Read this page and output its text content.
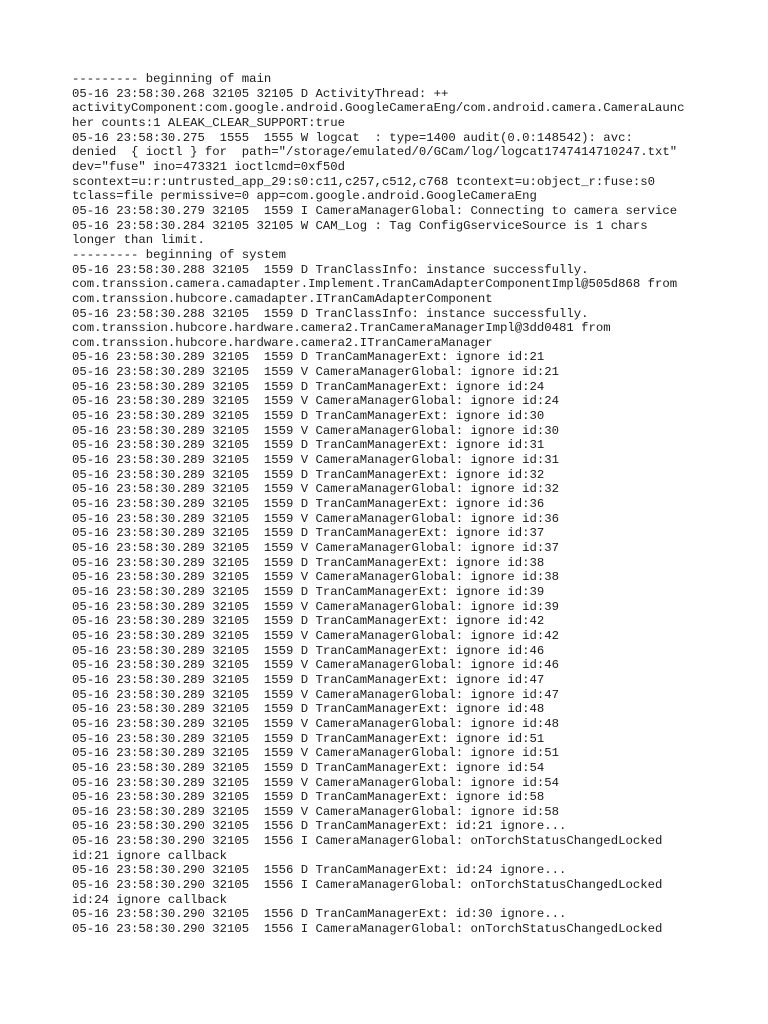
--------- beginning of main
05-16 23:58:30.268 32105 32105 D ActivityThread: ++
activityComponent:com.google.android.GoogleCameraEng/com.android.camera.CameraLaunc
her counts:1 ALEAK_CLEAR_SUPPORT:true
05-16 23:58:30.275  1555  1555 W logcat  : type=1400 audit(0.0:148542): avc:
denied  { ioctl } for  path="/storage/emulated/0/GCam/log/logcat1747414710247.txt"
dev="fuse" ino=473321 ioctlcmd=0xf50d
scontext=u:r:untrusted_app_29:s0:c11,c257,c512,c768 tcontext=u:object_r:fuse:s0
tclass=file permissive=0 app=com.google.android.GoogleCameraEng
05-16 23:58:30.279 32105  1559 I CameraManagerGlobal: Connecting to camera service
05-16 23:58:30.284 32105 32105 W CAM_Log : Tag ConfigGserviceSource is 1 chars
longer than limit.
--------- beginning of system
05-16 23:58:30.288 32105  1559 D TranClassInfo: instance successfully.
com.transsion.camera.camadapter.Implement.TranCamAdapterComponentImpl@505d868 from
com.transsion.hubcore.camadapter.ITranCamAdapterComponent
05-16 23:58:30.288 32105  1559 D TranClassInfo: instance successfully.
com.transsion.hubcore.hardware.camera2.TranCameraManagerImpl@3dd0481 from
com.transsion.hubcore.hardware.camera2.ITranCameraManager
05-16 23:58:30.289 32105  1559 D TranCamManagerExt: ignore id:21
05-16 23:58:30.289 32105  1559 V CameraManagerGlobal: ignore id:21
05-16 23:58:30.289 32105  1559 D TranCamManagerExt: ignore id:24
05-16 23:58:30.289 32105  1559 V CameraManagerGlobal: ignore id:24
05-16 23:58:30.289 32105  1559 D TranCamManagerExt: ignore id:30
05-16 23:58:30.289 32105  1559 V CameraManagerGlobal: ignore id:30
05-16 23:58:30.289 32105  1559 D TranCamManagerExt: ignore id:31
05-16 23:58:30.289 32105  1559 V CameraManagerGlobal: ignore id:31
05-16 23:58:30.289 32105  1559 D TranCamManagerExt: ignore id:32
05-16 23:58:30.289 32105  1559 V CameraManagerGlobal: ignore id:32
05-16 23:58:30.289 32105  1559 D TranCamManagerExt: ignore id:36
05-16 23:58:30.289 32105  1559 V CameraManagerGlobal: ignore id:36
05-16 23:58:30.289 32105  1559 D TranCamManagerExt: ignore id:37
05-16 23:58:30.289 32105  1559 V CameraManagerGlobal: ignore id:37
05-16 23:58:30.289 32105  1559 D TranCamManagerExt: ignore id:38
05-16 23:58:30.289 32105  1559 V CameraManagerGlobal: ignore id:38
05-16 23:58:30.289 32105  1559 D TranCamManagerExt: ignore id:39
05-16 23:58:30.289 32105  1559 V CameraManagerGlobal: ignore id:39
05-16 23:58:30.289 32105  1559 D TranCamManagerExt: ignore id:42
05-16 23:58:30.289 32105  1559 V CameraManagerGlobal: ignore id:42
05-16 23:58:30.289 32105  1559 D TranCamManagerExt: ignore id:46
05-16 23:58:30.289 32105  1559 V CameraManagerGlobal: ignore id:46
05-16 23:58:30.289 32105  1559 D TranCamManagerExt: ignore id:47
05-16 23:58:30.289 32105  1559 V CameraManagerGlobal: ignore id:47
05-16 23:58:30.289 32105  1559 D TranCamManagerExt: ignore id:48
05-16 23:58:30.289 32105  1559 V CameraManagerGlobal: ignore id:48
05-16 23:58:30.289 32105  1559 D TranCamManagerExt: ignore id:51
05-16 23:58:30.289 32105  1559 V CameraManagerGlobal: ignore id:51
05-16 23:58:30.289 32105  1559 D TranCamManagerExt: ignore id:54
05-16 23:58:30.289 32105  1559 V CameraManagerGlobal: ignore id:54
05-16 23:58:30.289 32105  1559 D TranCamManagerExt: ignore id:58
05-16 23:58:30.289 32105  1559 V CameraManagerGlobal: ignore id:58
05-16 23:58:30.290 32105  1556 D TranCamManagerExt: id:21 ignore...
05-16 23:58:30.290 32105  1556 I CameraManagerGlobal: onTorchStatusChangedLocked
id:21 ignore callback
05-16 23:58:30.290 32105  1556 D TranCamManagerExt: id:24 ignore...
05-16 23:58:30.290 32105  1556 I CameraManagerGlobal: onTorchStatusChangedLocked
id:24 ignore callback
05-16 23:58:30.290 32105  1556 D TranCamManagerExt: id:30 ignore...
05-16 23:58:30.290 32105  1556 I CameraManagerGlobal: onTorchStatusChangedLocked
